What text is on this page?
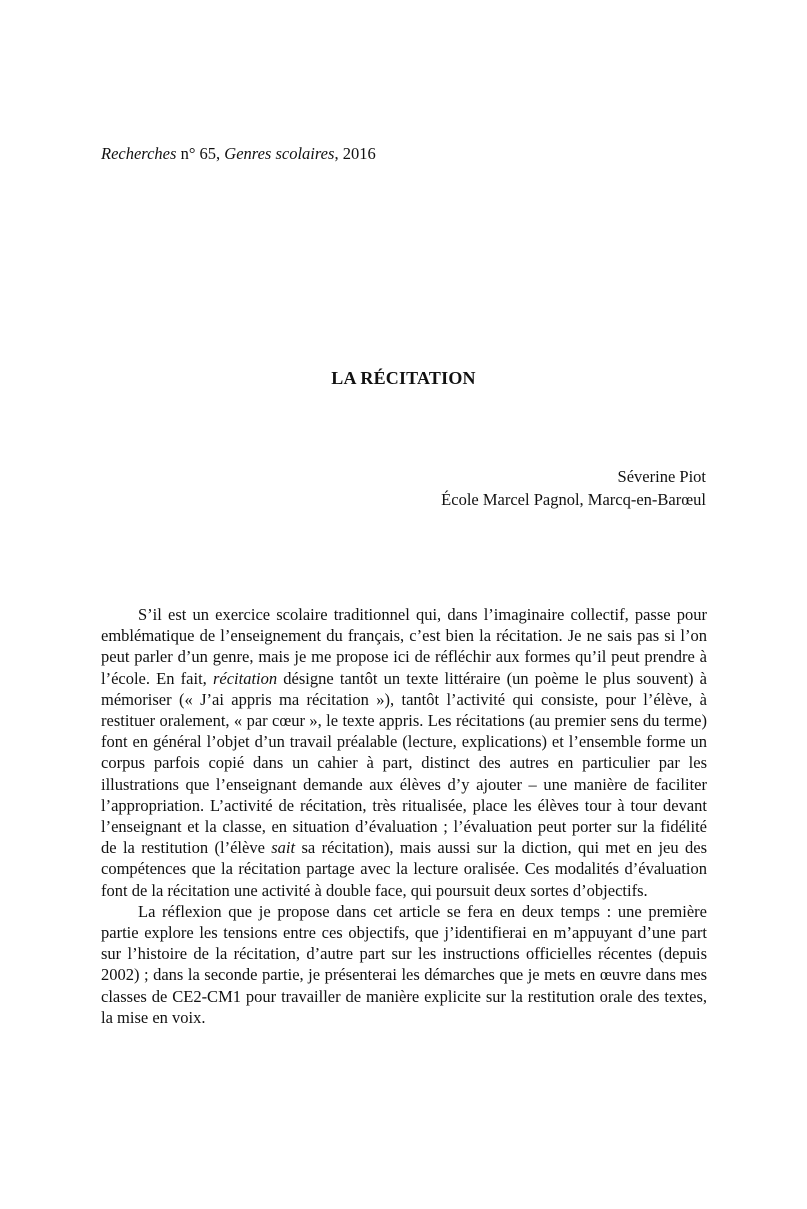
Recherches n° 65, Genres scolaires, 2016
LA RÉCITATION
Séverine Piot
École Marcel Pagnol, Marcq-en-Barœul

S’il est un exercice scolaire traditionnel qui, dans l’imaginaire collectif, passe pour emblématique de l’enseignement du français, c’est bien la récitation. Je ne sais pas si l’on peut parler d’un genre, mais je me propose ici de réfléchir aux formes qu’il peut prendre à l’école. En fait, récitation désigne tantôt un texte littéraire (un poème le plus souvent) à mémoriser (« J’ai appris ma récitation »), tantôt l’activité qui consiste, pour l’élève, à restituer oralement, « par cœur », le texte appris. Les récitations (au premier sens du terme) font en général l’objet d’un travail préalable (lecture, explications) et l’ensemble forme un corpus parfois copié dans un cahier à part, distinct des autres en particulier par les illustrations que l’enseignant demande aux élèves d’y ajouter – une manière de faciliter l’appropriation. L’activité de récitation, très ritualisée, place les élèves tour à tour devant l’enseignant et la classe, en situation d’évaluation ; l’évaluation peut porter sur la fidélité de la restitution (l’élève sait sa récitation), mais aussi sur la diction, qui met en jeu des compétences que la récitation partage avec la lecture oralisée. Ces modalités d’évaluation font de la récitation une activité à double face, qui poursuit deux sortes d’objectifs.

La réflexion que je propose dans cet article se fera en deux temps : une première partie explore les tensions entre ces objectifs, que j’identifierai en m’appuyant d’une part sur l’histoire de la récitation, d’autre part sur les instructions officielles récentes (depuis 2002) ; dans la seconde partie, je présenterai les démarches que je mets en œuvre dans mes classes de CE2-CM1 pour travailler de manière explicite sur la restitution orale des textes, la mise en voix.
